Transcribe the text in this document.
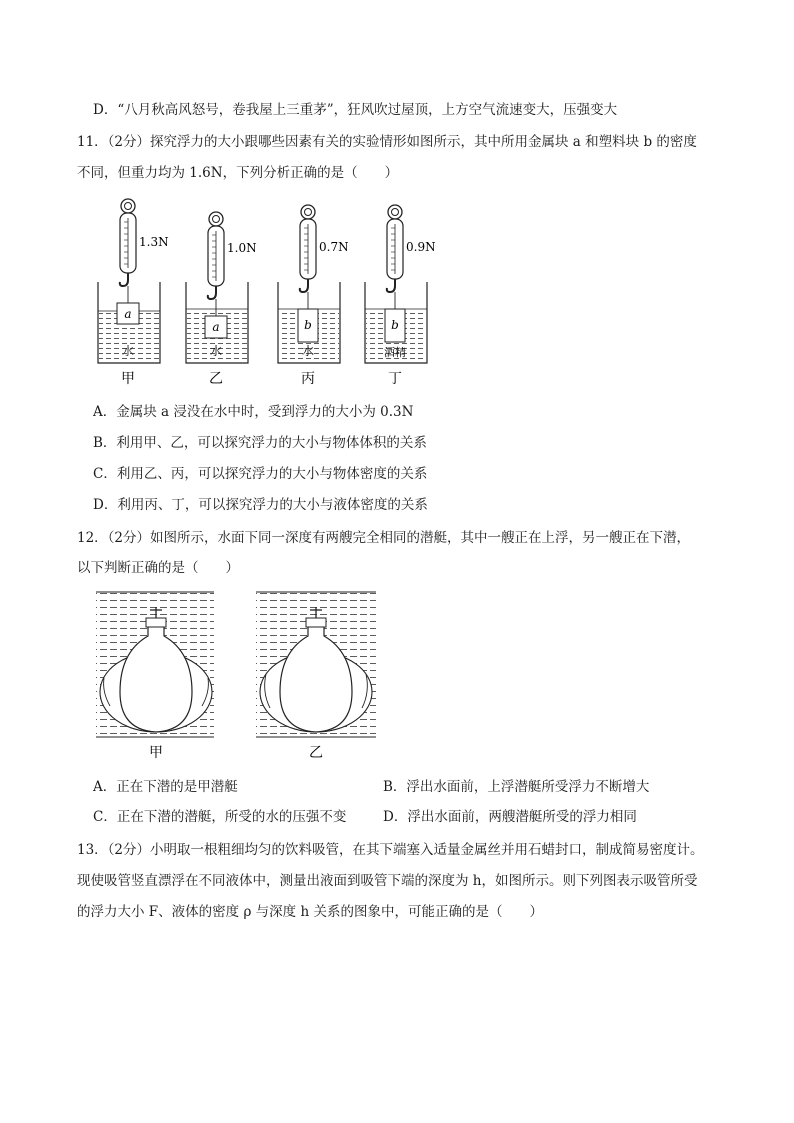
D．“八月秋高风怒号，卷我屋上三重茅”，狂风吹过屋顶，上方空气流速变大，压强变大
11．（2分）探究浮力的大小跟哪些因素有关的实验情形如图所示，其中所用金属块 a 和塑料块 b 的密度
不同，但重力均为 1.6N，下列分析正确的是（　　）
1.3N
a
水
甲
1.0N
a
水
乙
0.7N
b
水
丙
0.9N
b
酒精
丁
A．金属块 a 浸没在水中时，受到浮力的大小为 0.3N
B．利用甲、乙，可以探究浮力的大小与物体体积的关系
C．利用乙、丙，可以探究浮力的大小与物体密度的关系
D．利用丙、丁，可以探究浮力的大小与液体密度的关系
12．（2分）如图所示，水面下同一深度有两艘完全相同的潜艇，其中一艘正在上浮，另一艘正在下潜，
以下判断正确的是（　　）
甲	乙
A．正在下潜的是甲潜艇	B．浮出水面前，上浮潜艇所受浮力不断增大
C．正在下潜的潜艇，所受的水的压强不变	D．浮出水面前，两艘潜艇所受的浮力相同
13．（2分）小明取一根粗细均匀的饮料吸管，在其下端塞入适量金属丝并用石蜡封口，制成简易密度计。
现使吸管竖直漂浮在不同液体中，测量出液面到吸管下端的深度为 h，如图所示。则下列图表示吸管所受
的浮力大小 F、液体的密度 ρ 与深度 h 关系的图象中，可能正确的是（　　）
